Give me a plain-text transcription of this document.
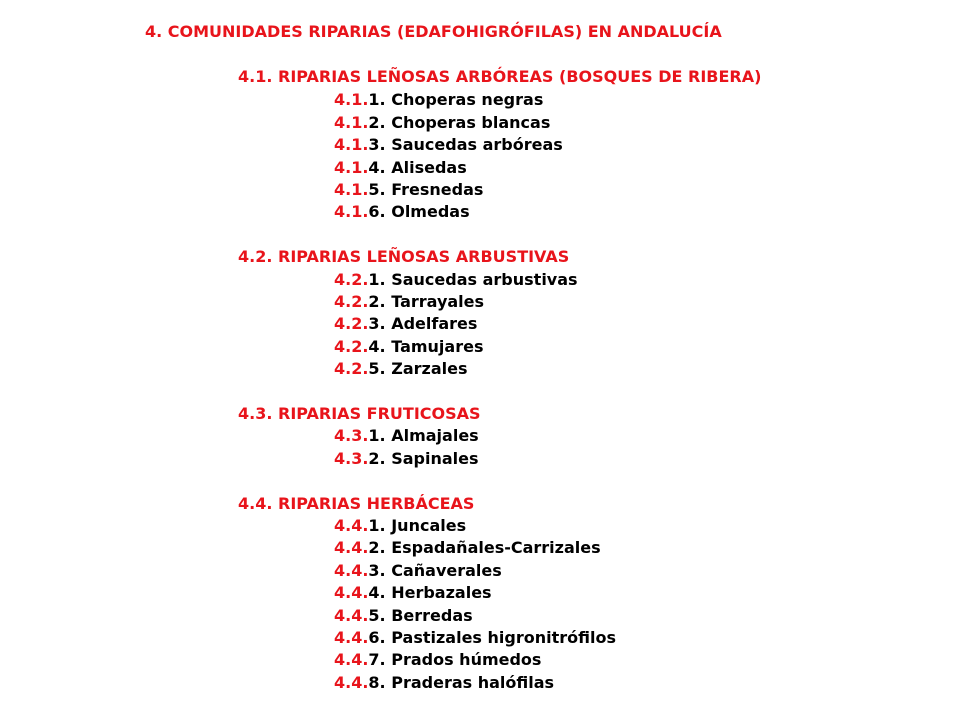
4. COMUNIDADES RIPARIAS (EDAFOHIGRÓFILAS) EN ANDALUCÍA
4.1. RIPARIAS LEÑOSAS ARBÓREAS (BOSQUES DE RIBERA)
4.1.1. Choperas negras
4.1.2. Choperas blancas
4.1.3. Saucedas arbóreas
4.1.4. Alisedas
4.1.5. Fresnedas
4.1.6. Olmedas
4.2. RIPARIAS LEÑOSAS ARBUSTIVAS
4.2.1. Saucedas arbustivas
4.2.2. Tarrayales
4.2.3. Adelfares
4.2.4. Tamujares
4.2.5. Zarzales
4.3. RIPARIAS FRUTICOSAS
4.3.1. Almajales
4.3.2. Sapinales
4.4. RIPARIAS HERBÁCEAS
4.4.1. Juncales
4.4.2. Espadañales-Carrizales
4.4.3. Cañaverales
4.4.4. Herbazales
4.4.5. Berredas
4.4.6. Pastizales higronitrófilos
4.4.7. Prados húmedos
4.4.8. Praderas halófilas
